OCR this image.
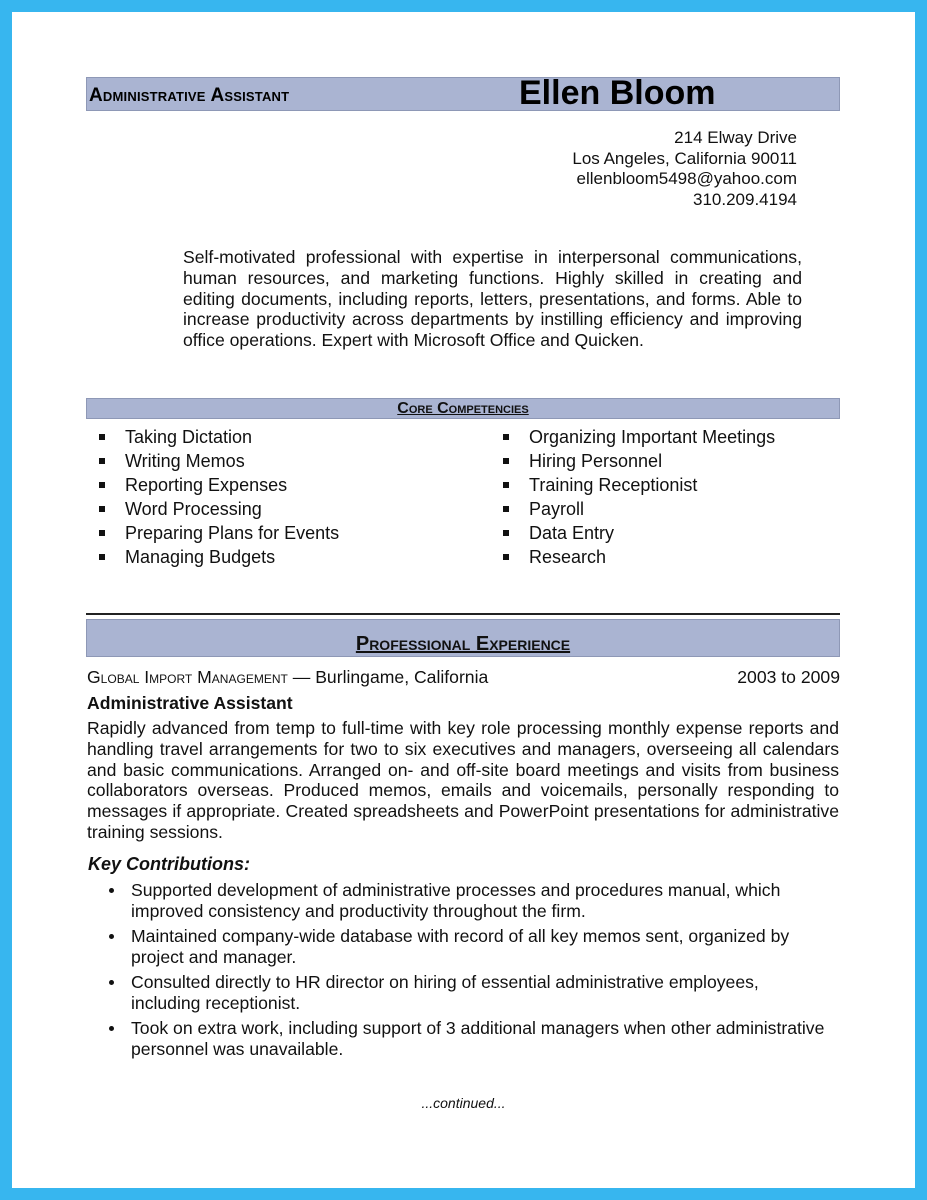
Administrative Assistant	Ellen Bloom
214 Elway Drive
Los Angeles, California 90011
ellenbloom5498@yahoo.com
310.209.4194
Self-motivated professional with expertise in interpersonal communications, human resources, and marketing functions. Highly skilled in creating and editing documents, including reports, letters, presentations, and forms. Able to increase productivity across departments by instilling efficiency and improving office operations. Expert with Microsoft Office and Quicken.
Core Competencies
Taking Dictation
Writing Memos
Reporting Expenses
Word Processing
Preparing Plans for Events
Managing Budgets
Organizing Important Meetings
Hiring Personnel
Training Receptionist
Payroll
Data Entry
Research
Professional Experience
Global Import Management — Burlingame, California	2003 to 2009
Administrative Assistant
Rapidly advanced from temp to full-time with key role processing monthly expense reports and handling travel arrangements for two to six executives and managers, overseeing all calendars and basic communications. Arranged on- and off-site board meetings and visits from business collaborators overseas. Produced memos, emails and voicemails, personally responding to messages if appropriate. Created spreadsheets and PowerPoint presentations for administrative training sessions.
Key Contributions:
Supported development of administrative processes and procedures manual, which improved consistency and productivity throughout the firm.
Maintained company-wide database with record of all key memos sent, organized by project and manager.
Consulted directly to HR director on hiring of essential administrative employees, including receptionist.
Took on extra work, including support of 3 additional managers when other administrative personnel was unavailable.
...continued...
